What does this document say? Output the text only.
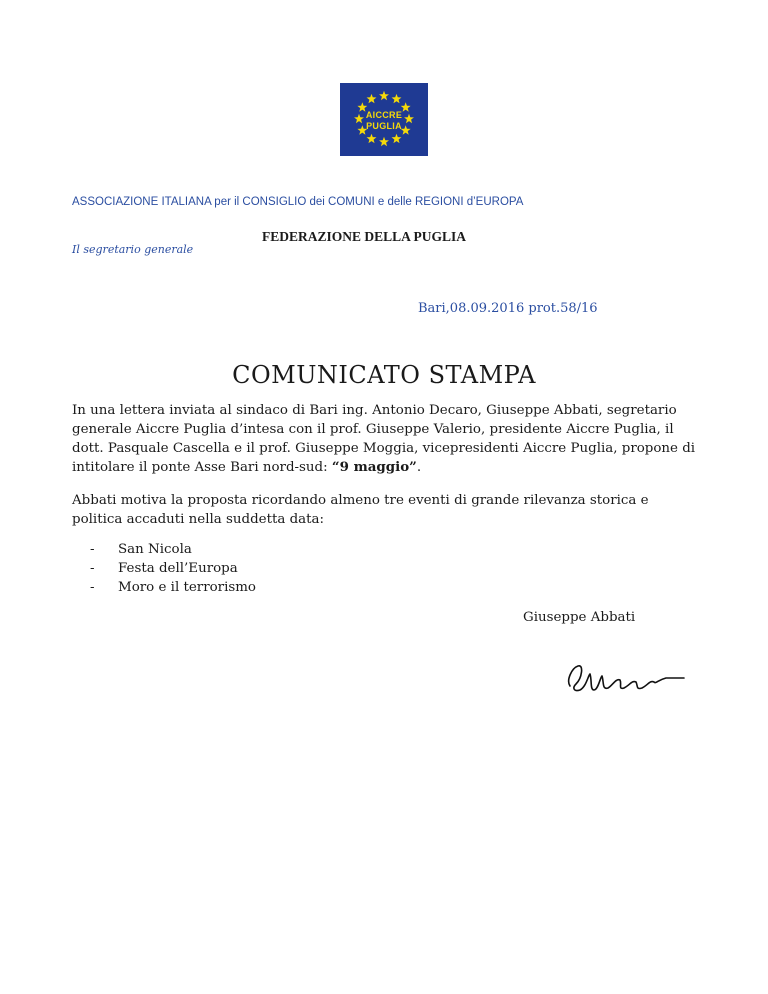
AICCRE
PUGLIA
ASSOCIAZIONE ITALIANA per il CONSIGLIO dei COMUNI e delle REGIONI d’EUROPA
FEDERAZIONE DELLA PUGLIA
Il segretario generale
Bari,08.09.2016 prot.58/16
COMUNICATO STAMPA

In una lettera inviata al sindaco di Bari ing. Antonio Decaro, Giuseppe Abbati, segretario generale Aiccre Puglia d’intesa con il prof. Giuseppe Valerio, presidente Aiccre Puglia, il dott. Pasquale Cascella e il prof. Giuseppe Moggia, vicepresidenti Aiccre Puglia, propone di intitolare il ponte Asse Bari nord-sud: “9 maggio”.

Abbati motiva la proposta ricordando almeno tre eventi di grande rilevanza storica e politica accaduti nella suddetta data:

- San Nicola
- Festa dell’Europa
- Moro e il terrorismo
Giuseppe Abbati
